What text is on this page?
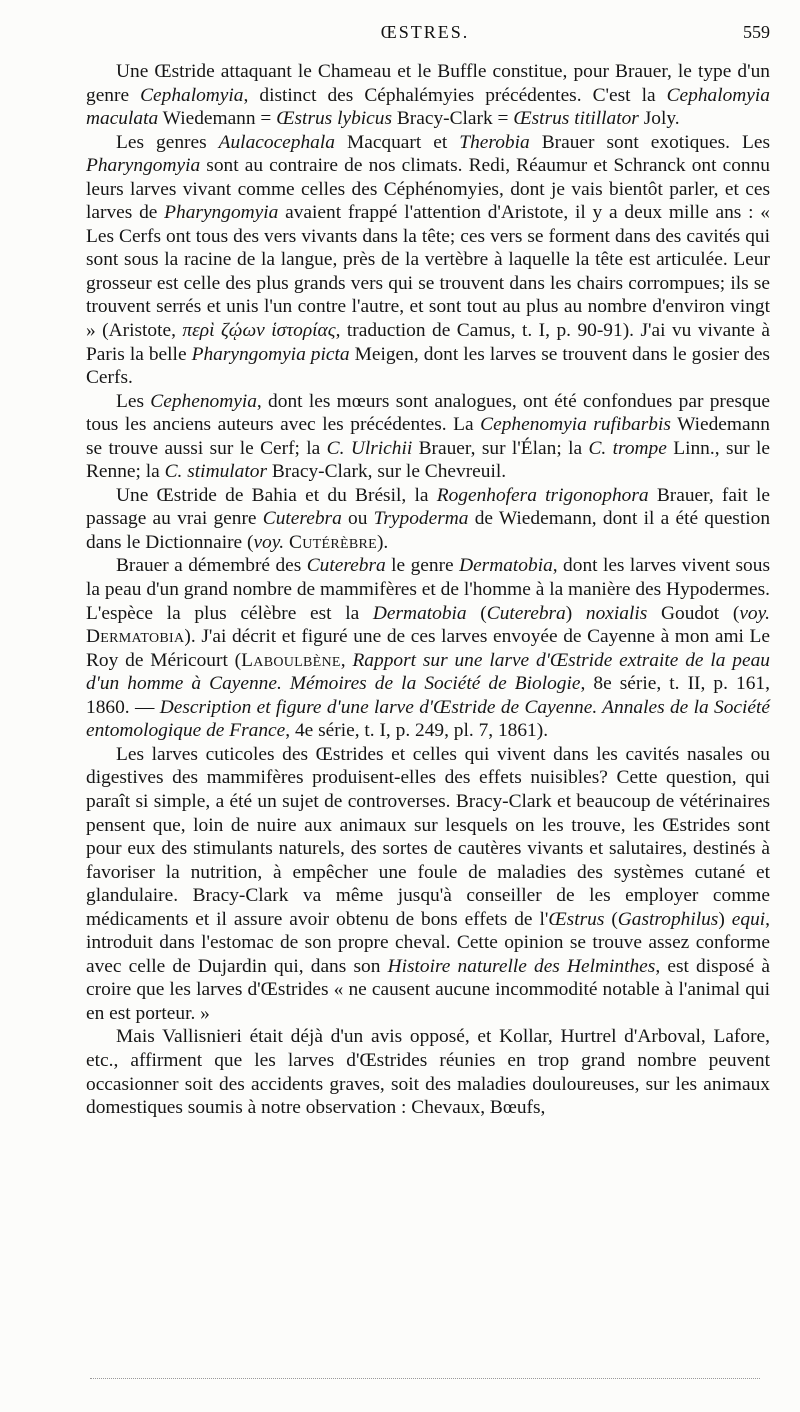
ŒSTRES.	559

Une Œstride attaquant le Chameau et le Buffle constitue, pour Brauer, le type d'un genre Cephalomyia, distinct des Céphalémyies précédentes. C'est la Cephalomyia maculata Wiedemann = Œstrus lybicus Bracy-Clark = Œstrus titillator Joly.

Les genres Aulacocephala Macquart et Therobia Brauer sont exotiques. Les Pharyngomyia sont au contraire de nos climats. Redi, Réaumur et Schranck ont connu leurs larves vivant comme celles des Céphénomyies, dont je vais bientôt parler, et ces larves de Pharyngomyia avaient frappé l'attention d'Aristote, il y a deux mille ans : « Les Cerfs ont tous des vers vivants dans la tête; ces vers se forment dans des cavités qui sont sous la racine de la langue, près de la vertèbre à laquelle la tête est articulée. Leur grosseur est celle des plus grands vers qui se trouvent dans les chairs corrompues; ils se trouvent serrés et unis l'un contre l'autre, et sont tout au plus au nombre d'environ vingt » (Aristote, περὶ ζῴων ἱστορίας, traduction de Camus, t. I, p. 90-91). J'ai vu vivante à Paris la belle Pharyngomyia picta Meigen, dont les larves se trouvent dans le gosier des Cerfs.

Les Cephenomyia, dont les mœurs sont analogues, ont été confondues par presque tous les anciens auteurs avec les précédentes. La Cephenomyia rufibarbis Wiedemann se trouve aussi sur le Cerf; la C. Ulrichii Brauer, sur l'Élan; la C. trompe Linn., sur le Renne; la C. stimulator Bracy-Clark, sur le Chevreuil.

Une Œstride de Bahia et du Brésil, la Rogenhofera trigonophora Brauer, fait le passage au vrai genre Cuterebra ou Trypoderma de Wiedemann, dont il a été question dans le Dictionnaire (voy. Cutérèbre).

Brauer a démembré des Cuterebra le genre Dermatobia, dont les larves vivent sous la peau d'un grand nombre de mammifères et de l'homme à la manière des Hypodermes. L'espèce la plus célèbre est la Dermatobia (Cuterebra) noxialis Goudot (voy. Dermatobia). J'ai décrit et figuré une de ces larves envoyée de Cayenne à mon ami Le Roy de Méricourt (Laboulbène, Rapport sur une larve d'Œstride extraite de la peau d'un homme à Cayenne. Mémoires de la Société de Biologie, 8e série, t. II, p. 161, 1860. — Description et figure d'une larve d'Œstride de Cayenne. Annales de la Société entomologique de France, 4e série, t. I, p. 249, pl. 7, 1861).

Les larves cuticoles des Œstrides et celles qui vivent dans les cavités nasales ou digestives des mammifères produisent-elles des effets nuisibles? Cette question, qui paraît si simple, a été un sujet de controverses. Bracy-Clark et beaucoup de vétérinaires pensent que, loin de nuire aux animaux sur lesquels on les trouve, les Œstrides sont pour eux des stimulants naturels, des sortes de cautères vivants et salutaires, destinés à favoriser la nutrition, à empêcher une foule de maladies des systèmes cutané et glandulaire. Bracy-Clark va même jusqu'à conseiller de les employer comme médicaments et il assure avoir obtenu de bons effets de l'Œstrus (Gastrophilus) equi, introduit dans l'estomac de son propre cheval. Cette opinion se trouve assez conforme avec celle de Dujardin qui, dans son Histoire naturelle des Helminthes, est disposé à croire que les larves d'Œstrides « ne causent aucune incommodité notable à l'animal qui en est porteur. »

Mais Vallisnieri était déjà d'un avis opposé, et Kollar, Hurtrel d'Arboval, Lafore, etc., affirment que les larves d'Œstrides réunies en trop grand nombre peuvent occasionner soit des accidents graves, soit des maladies douloureuses, sur les animaux domestiques soumis à notre observation : Chevaux, Bœufs,
